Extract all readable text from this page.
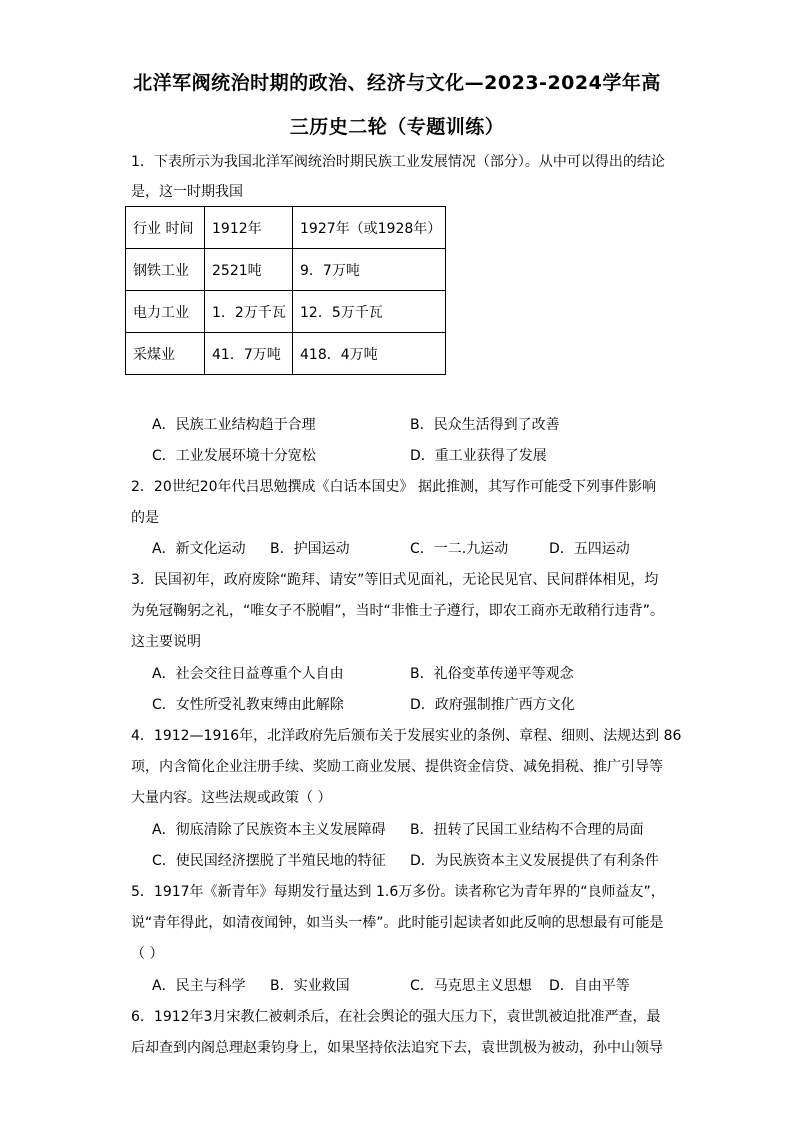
北洋军阀统治时期的政治、经济与文化—2023-2024学年高
三历史二轮（专题训练）
1．下表所示为我国北洋军阀统治时期民族工业发展情况（部分）。从中可以得出的结论
是，这一时期我国
行业 时间	1912年	1927年（或1928年）
钢铁工业	2521吨	9．7万吨
电力工业	1．2万千瓦	12．5万千瓦
采煤业	41．7万吨	418．4万吨
A．民族工业结构趋于合理	B．民众生活得到了改善
C．工业发展环境十分宽松	D．重工业获得了发展
2．20世纪20年代吕思勉撰成《白话本国史》 据此推测，其写作可能受下列事件影响
的是
A．新文化运动 B．护国运动	C．一二.九运动	D．五四运动
3．民国初年，政府废除“跪拜、请安”等旧式见面礼，无论民见官、民间群体相见，均
为免冠鞠躬之礼，“唯女子不脱帽”，当时“非惟士子遵行，即农工商亦无敢稍行违背”。
这主要说明
A．社会交往日益尊重个人自由	B．礼俗变革传递平等观念
C．女性所受礼教束缚由此解除	D．政府强制推广西方文化
4．1912—1916年，北洋政府先后颁布关于发展实业的条例、章程、细则、法规达到 86
项，内含简化企业注册手续、奖励工商业发展、提供资金信贷、减免捐税、推广引导等
大量内容。这些法规或政策（ ）
A．彻底清除了民族资本主义发展障碍 B．扭转了民国工业结构不合理的局面
C．使民国经济摆脱了半殖民地的特征 D．为民族资本主义发展提供了有利条件
5．1917年《新青年》每期发行量达到 1.6万多份。读者称它为青年界的“良师益友”，
说“青年得此，如清夜闻钟，如当头一棒”。此时能引起读者如此反响的思想最有可能是
（ ）
A．民主与科学 B．实业救国	C．马克思主义思想 D．自由平等
6．1912年3月宋教仁被刺杀后，在社会舆论的强大压力下，袁世凯被迫批准严查，最
后却查到内阁总理赵秉钧身上，如果坚持依法追究下去，袁世凯极为被动，孙中山领导
